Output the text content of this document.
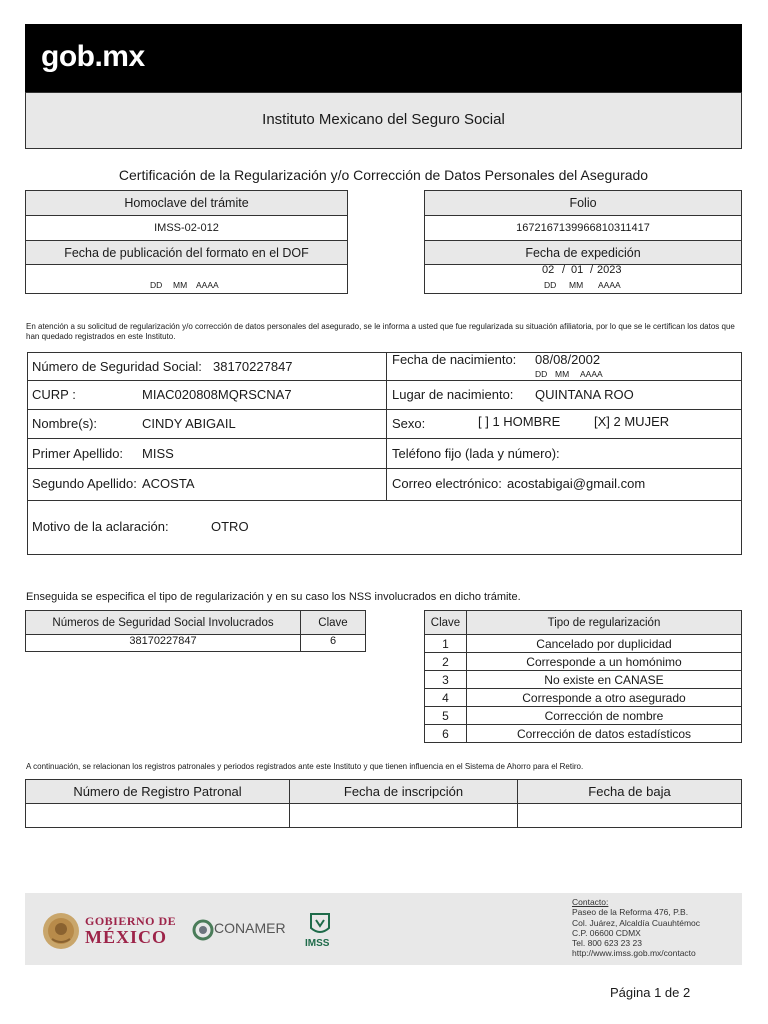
gob.mx
Instituto Mexicano del Seguro Social
Certificación de la Regularización y/o Corrección de Datos Personales del Asegurado
Homoclave del trámite
IMSS-02-012
Fecha de publicación del formato en el DOF
DD MM AAAA
Folio
1672167139966810311417
Fecha de expedición
02 / 01 / 2023
DD MM AAAA
En atención a su solicitud de regularización y/o corrección de datos personales del asegurado, se le informa a usted que fue regularizada su situación afiliatoria, por lo que se le certifican los datos que han quedado registrados en este Instituto.
Número de Seguridad Social: 38170227847	Fecha de nacimiento: 08/08/2002
DD MM AAAA
CURP :	MIAC020808MQRSCNA7	Lugar de nacimiento: QUINTANA ROO
Nombre(s):	CINDY ABIGAIL	Sexo:	[ ] 1 HOMBRE	[X] 2 MUJER
Primer Apellido: MISS	Teléfono fijo (lada y número):
Segundo Apellido: ACOSTA	Correo electrónico: acostabigai@gmail.com
Motivo de la aclaración:	OTRO
Enseguida se especifica el tipo de regularización y en su caso los NSS involucrados en dicho trámite.
Números de Seguridad Social Involucrados	Clave
38170227847	6
Clave	Tipo de regularización
1	Cancelado por duplicidad
2	Corresponde a un homónimo
3	No existe en CANASE
4	Corresponde a otro asegurado
5	Corrección de nombre
6	Corrección de datos estadísticos
A continuación, se relacionan los registros patronales y periodos registrados ante este Instituto y que tienen influencia en el Sistema de Ahorro para el Retiro.
Número de Registro Patronal	Fecha de inscripción	Fecha de baja

GOBIERNO DE
MÉXICO	CONAMER
IMSS
Contacto:
Paseo de la Reforma 476, P.B.
Col. Juárez, Alcaldía Cuauhtémoc
C.P. 06600 CDMX
Tel. 800 623 23 23
http://www.imss.gob.mx/contacto
Página 1 de 2
